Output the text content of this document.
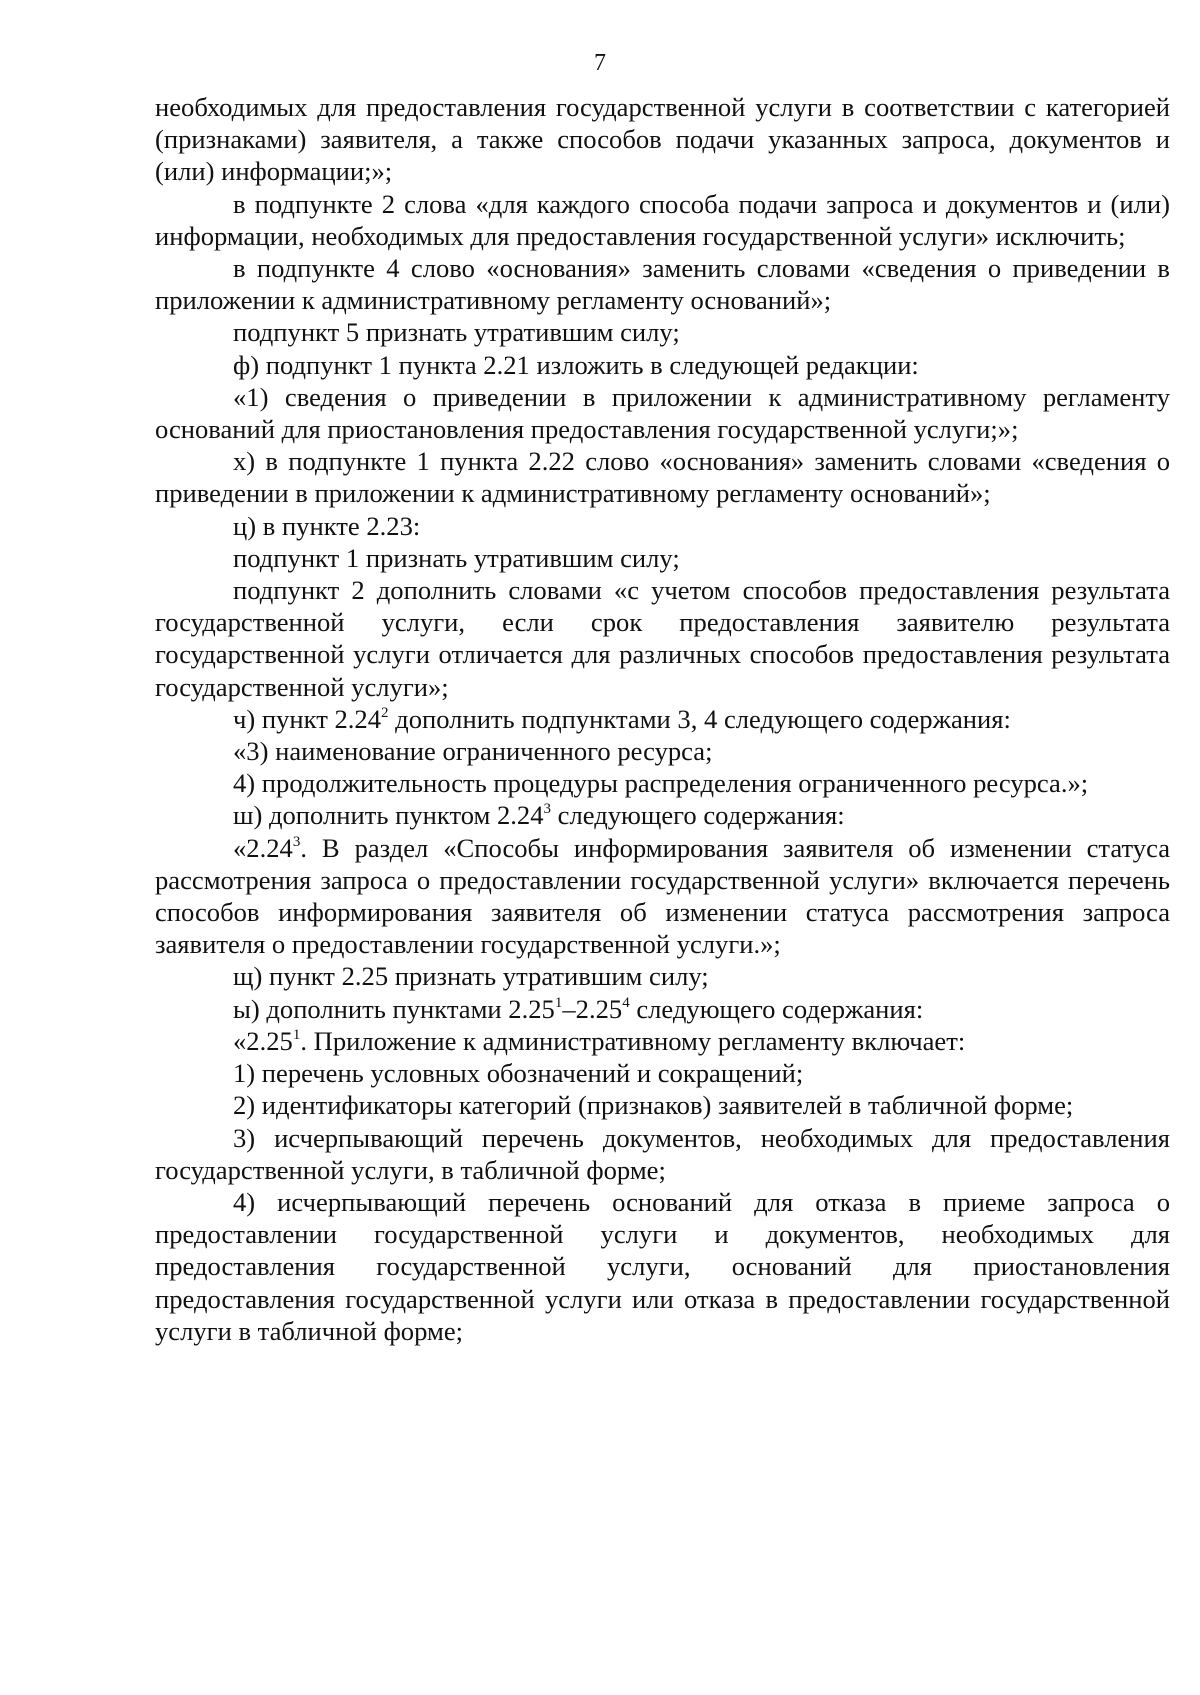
7

необходимых для предоставления государственной услуги в соответствии с категорией (признаками) заявителя, а также способов подачи указанных запроса, документов и (или) информации;»;

в подпункте 2 слова «для каждого способа подачи запроса и документов и (или) информации, необходимых для предоставления государственной услуги» исключить;

в подпункте 4 слово «основания» заменить словами «сведения о приведении в приложении к административному регламенту оснований»;

подпункт 5 признать утратившим силу;

ф) подпункт 1 пункта 2.21 изложить в следующей редакции:

«1) сведения о приведении в приложении к административному регламенту оснований для приостановления предоставления государственной услуги;»;

х) в подпункте 1 пункта 2.22 слово «основания» заменить словами «сведения о приведении в приложении к административному регламенту оснований»;

ц) в пункте 2.23:

подпункт 1 признать утратившим силу;

подпункт 2 дополнить словами «с учетом способов предоставления результата государственной услуги, если срок предоставления заявителю результата государственной услуги отличается для различных способов предоставления результата государственной услуги»;

ч) пункт 2.24$^2$ дополнить подпунктами 3, 4 следующего содержания:

«3) наименование ограниченного ресурса;

4) продолжительность процедуры распределения ограниченного ресурса.»;

ш) дополнить пунктом 2.24$^3$ следующего содержания:

«2.24$^3$. В раздел «Способы информирования заявителя об изменении статуса рассмотрения запроса о предоставлении государственной услуги» включается перечень способов информирования заявителя об изменении статуса рассмотрения запроса заявителя о предоставлении государственной услуги.»;

щ) пункт 2.25 признать утратившим силу;

ы) дополнить пунктами 2.25$^1$–2.25$^4$ следующего содержания:

«2.25$^1$. Приложение к административному регламенту включает:

1) перечень условных обозначений и сокращений;

2) идентификаторы категорий (признаков) заявителей в табличной форме;

3) исчерпывающий перечень документов, необходимых для предоставления государственной услуги, в табличной форме;

4) исчерпывающий перечень оснований для отказа в приеме запроса о предоставлении государственной услуги и документов, необходимых для предоставления государственной услуги, оснований для приостановления предоставления государственной услуги или отказа в предоставлении государственной услуги в табличной форме;
